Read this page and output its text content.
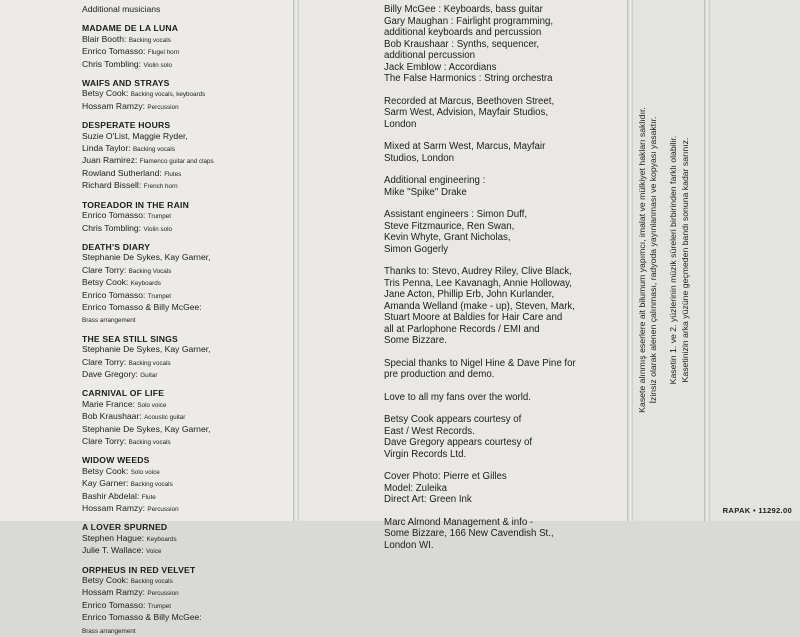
Additional musicians
MADAME DE LA LUNA
Blair Booth: Backing vocals
Enrico Tomasso: Flugel horn
Chris Tombling: Violin solo
WAIFS AND STRAYS
Betsy Cook: Backing vocals, keyboards
Hossam Ramzy: Percussion
DESPERATE HOURS
Suzie O'List, Maggie Ryder,
Linda Taylor: Backing vocals
Juan Ramirez: Flamenco guitar and claps
Rowland Sutherland: Flutes
Richard Bissell: French horn
TOREADOR IN THE RAIN
Enrico Tomasso: Trumpet
Chris Tombling: Violin solo
DEATH'S DIARY
Stephanie De Sykes, Kay Garner,
Clare Torry: Backing Vocals
Betsy Cook: Keyboards
Enrico Tomasso: Trumpet
Enrico Tomasso & Billy McGee:
Brass arrangement
THE SEA STILL SINGS
Stephanie De Sykes, Kay Garner,
Clare Torry: Backing vocals
Dave Gregory: Guitar
CARNIVAL OF LIFE
Marie France: Solo voice
Bob Kraushaar: Acoustic guitar
Stephanie De Sykes, Kay Garner,
Clare Torry: Backing vocals
WIDOW WEEDS
Betsy Cook: Solo voice
Kay Garner: Backing vocals
Bashir Abdelal: Flute
Hossam Ramzy: Percussion
A LOVER SPURNED
Stephen Hague: Keyboards
Julie T. Wallace: Voice
ORPHEUS IN RED VELVET
Betsy Cook: Backing vocals
Hossam Ramzy: Percussion
Enrico Tomasso: Trumpet
Enrico Tomasso & Billy McGee:
Brass arrangement
Billy McGee : Keyboards, bass guitar
Gary Maughan : Fairlight programming,
additional keyboards and percussion
Bob Kraushaar : Synths, sequencer,
additional percussion
Jack Emblow : Accordians
The False Harmonics : String orchestra
Recorded at Marcus, Beethoven Street,
Sarm West, Advision, Mayfair Studios,
London
Mixed at Sarm West, Marcus, Mayfair
Studios, London
Additional engineering :
Mike "Spike" Drake
Assistant engineers : Simon Duff,
Steve Fitzmaurice, Ren Swan,
Kevin Whyte, Grant Nicholas,
Simon Gogerly
Thanks to: Stevo, Audrey Riley, Clive Black,
Tris Penna, Lee Kavanagh, Annie Holloway,
Jane Acton, Phillip Erb, John Kurlander,
Amanda Welland (make - up), Steven, Mark,
Stuart Moore at Baldies for Hair Care and
all at Parlophone Records / EMI and
Some Bizzare.
Special thanks to Nigel Hine & Dave Pine for
pre production and demo.
Love to all my fans over the world.
Betsy Cook appears courtesy of
East / West Records.
Dave Gregory appears courtesy of
Virgin Records Ltd.
Cover Photo: Pierre et Gilles
Model: Zuleika
Direct Art: Green Ink
Marc Almond Management & info -
Some Bizzare, 166 New Cavendish St.,
London WI.
Kasete alınmış eserlere ait bilumum yapımcı, imalat ve mülkiyet hakları saklıdır. İzinsiz olarak alenen çalınması, radyoda yayınlanması ve kopyası yasaktır. Kasetin 1. ve 2. yüzlerinin müzik süreleri birbirinden farklı olabilir. Kasetinizin arka yüzüne geçmeden bandı sonuna kadar sarınız.
RAPAK • 11292.00
